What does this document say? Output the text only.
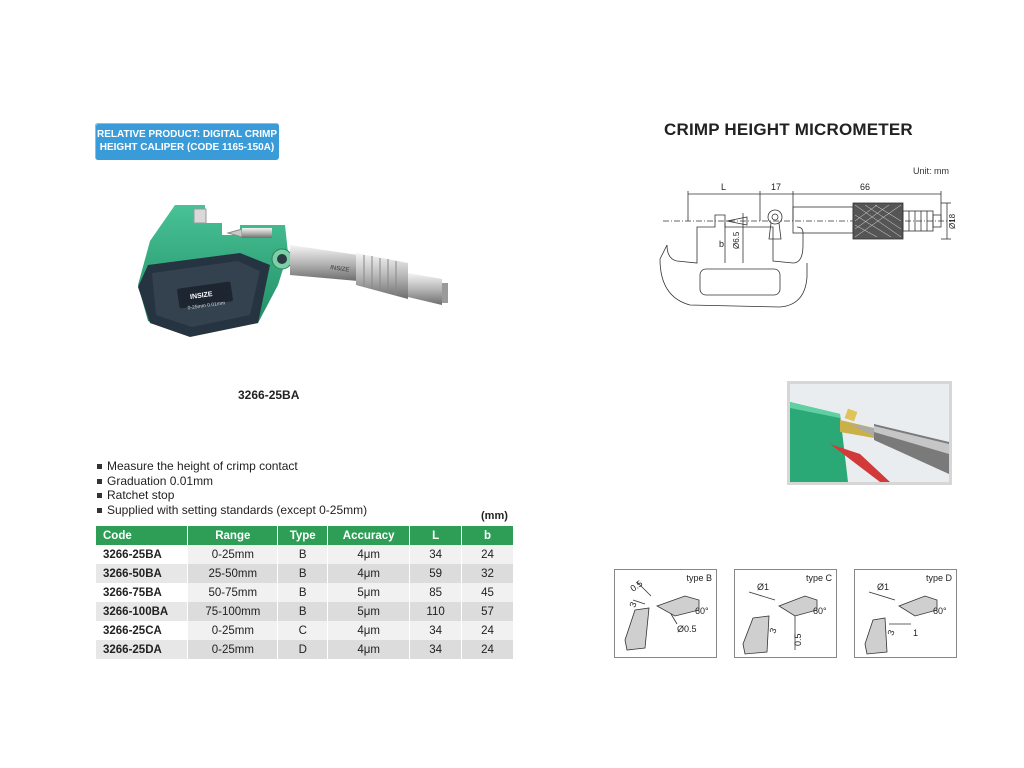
RELATIVE PRODUCT: DIGITAL CRIMP
HEIGHT CALIPER (CODE 1165-150A)
INSIZE
0-25mm 0.01mm
INSIZE
3266-25BA
Measure the height of crimp contact
Graduation 0.01mm
Ratchet stop
Supplied with setting standards (except 0-25mm)	(mm)
Code	Range	Type	Accuracy	L	b
3266-25BA	0-25mm	B	4μm	34	24
3266-50BA	25-50mm	B	4μm	59	32
3266-75BA	50-75mm	B	5μm	85	45
3266-100BA	75-100mm	B	5μm	110	57
3266-25CA	0-25mm	C	4μm	34	24
3266-25DA	0-25mm	D	4μm	34	24
CRIMP HEIGHT MICROMETER
Unit: mm
L	17	66
b Ø6.5
Ø18
0.5
3
60°
Ø0.5
type B
Ø1
3
60°
0.5
type C
Ø1
3
60°
1
type D
